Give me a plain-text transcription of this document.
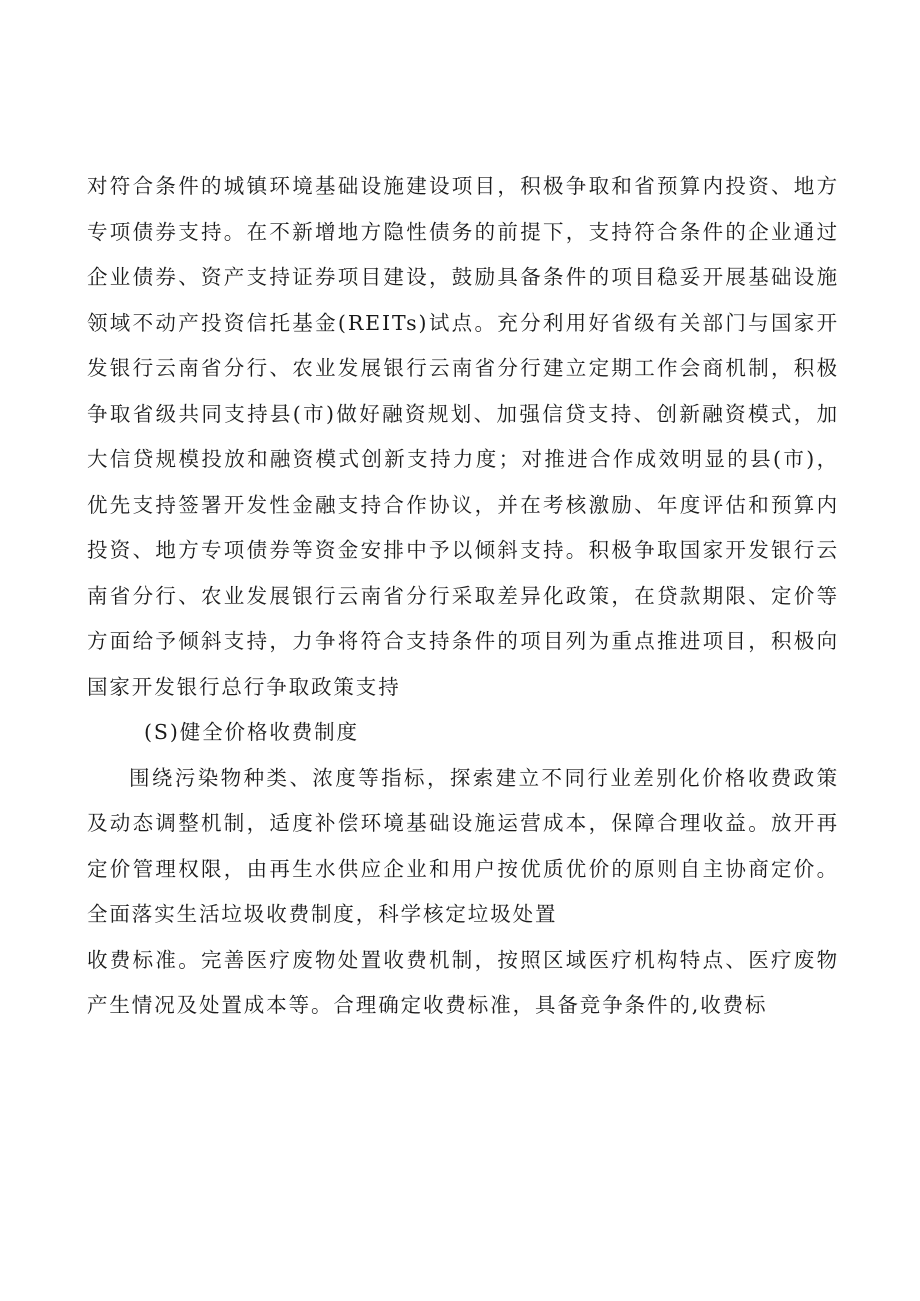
对符合条件的城镇环境基础设施建设项目，积极争取和省预算内投资、地方专项债券支持。在不新增地方隐性债务的前提下，支持符合条件的企业通过企业债券、资产支持证券项目建设，鼓励具备条件的项目稳妥开展基础设施领域不动产投资信托基金(REITs)试点。充分利用好省级有关部门与国家开发银行云南省分行、农业发展银行云南省分行建立定期工作会商机制，积极争取省级共同支持县(市)做好融资规划、加强信贷支持、创新融资模式，加大信贷规模投放和融资模式创新支持力度；对推进合作成效明显的县(市)，优先支持签署开发性金融支持合作协议，并在考核激励、年度评估和预算内投资、地方专项债券等资金安排中予以倾斜支持。积极争取国家开发银行云南省分行、农业发展银行云南省分行采取差异化政策，在贷款期限、定价等方面给予倾斜支持，力争将符合支持条件的项目列为重点推进项目，积极向国家开发银行总行争取政策支持

(S)健全价格收费制度

围绕污染物种类、浓度等指标，探索建立不同行业差别化价格收费政策及动态调整机制，适度补偿环境基础设施运营成本，保障合理收益。放开再定价管理权限，由再生水供应企业和用户按优质优价的原则自主协商定价。全面落实生活垃圾收费制度，科学核定垃圾处置

收费标准。完善医疗废物处置收费机制，按照区域医疗机构特点、医疗废物产生情况及处置成本等。合理确定收费标准，具备竞争条件的,收费标
